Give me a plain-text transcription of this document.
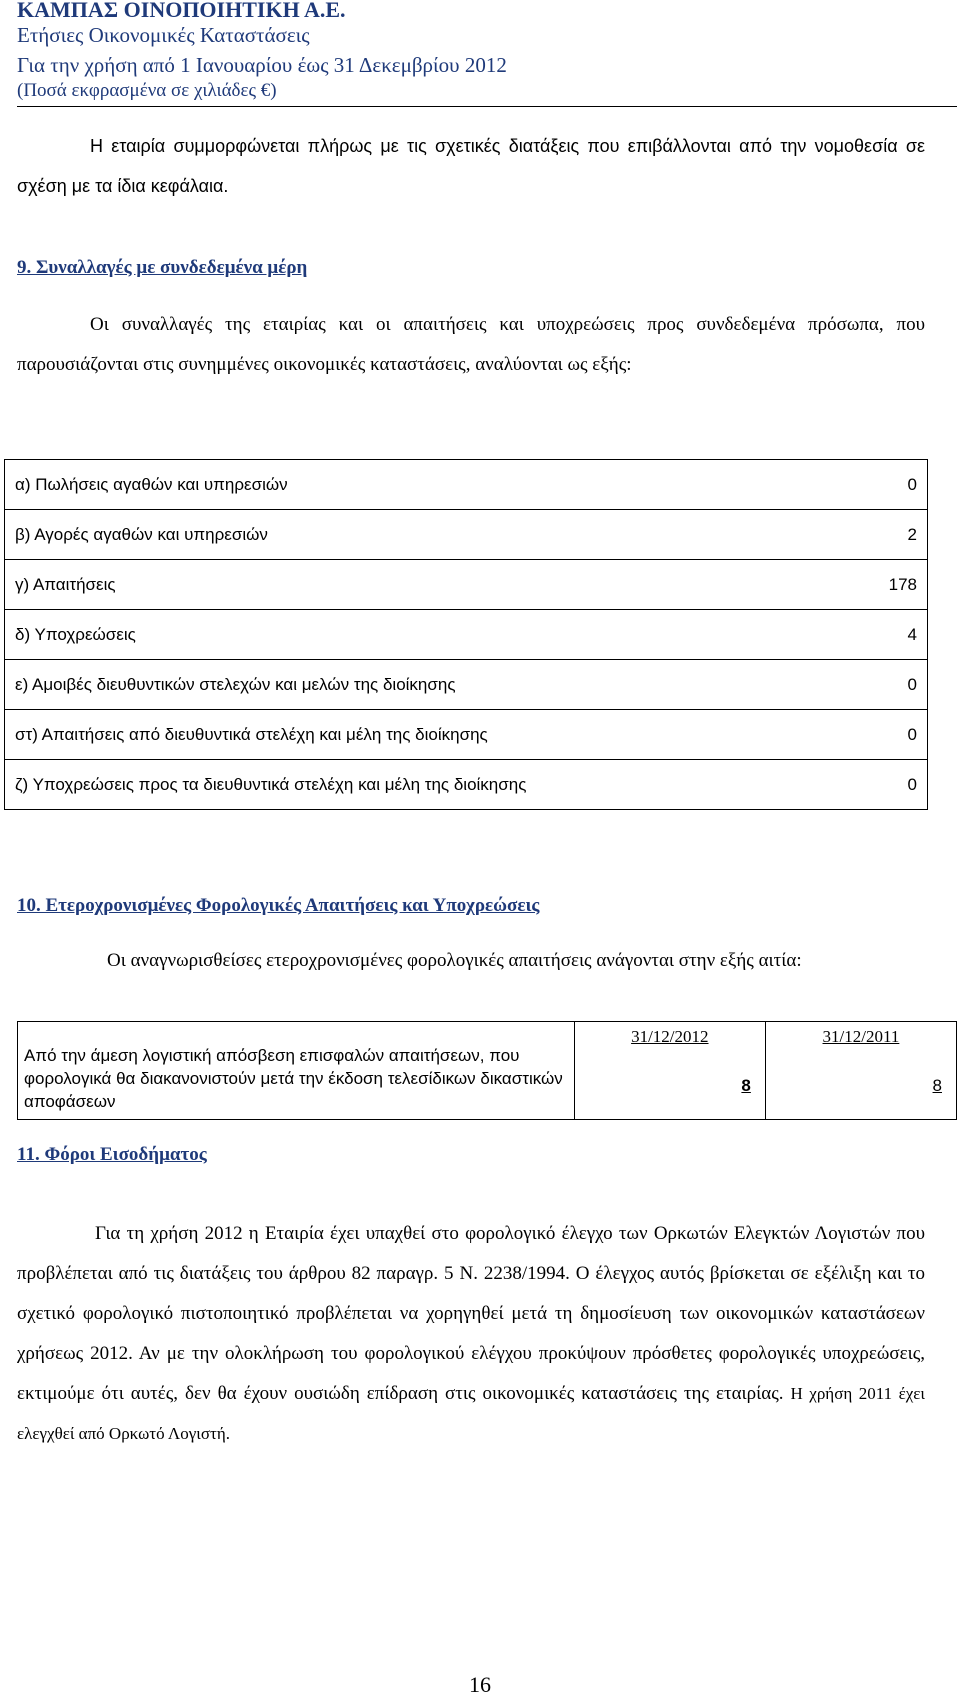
ΚΑΜΠΑΣ ΟΙΝΟΠΟΙΗΤΙΚΗ Α.Ε.
Ετήσιες Οικονομικές Καταστάσεις
Για την χρήση από 1 Ιανουαρίου έως 31 Δεκεμβρίου 2012
(Ποσά εκφρασμένα σε χιλιάδες €)
Η εταιρία συμμορφώνεται πλήρως με τις σχετικές διατάξεις που επιβάλλονται από την νομοθεσία σε σχέση με τα ίδια κεφάλαια.
9. Συναλλαγές με συνδεδεμένα μέρη
Οι συναλλαγές της εταιρίας και οι απαιτήσεις και υποχρεώσεις προς συνδεδεμένα πρόσωπα, που παρουσιάζονται στις συνημμένες οικονομικές καταστάσεις, αναλύονται ως εξής:
α) Πωλήσεις αγαθών και υπηρεσιών	0
β) Αγορές αγαθών και υπηρεσιών	2
γ) Απαιτήσεις	178
δ) Υποχρεώσεις	4
ε) Αμοιβές διευθυντικών στελεχών και μελών της διοίκησης	0
στ) Απαιτήσεις από διευθυντικά στελέχη και μέλη της διοίκησης	0
ζ) Υποχρεώσεις προς τα διευθυντικά στελέχη και μέλη της διοίκησης	0
10. Ετεροχρονισμένες Φορολογικές Απαιτήσεις και Υποχρεώσεις
Οι αναγνωρισθείσες ετεροχρονισμένες φορολογικές απαιτήσεις ανάγονται στην εξής αιτία:
Από την άμεση λογιστική απόσβεση επισφαλών απαιτήσεων, που φορολογικά θα διακανονιστούν μετά την έκδοση τελεσίδικων δικαστικών αποφάσεων	31/12/2012	31/12/2011
	8	8
11. Φόροι Εισοδήματος
Για τη χρήση 2012 η Εταιρία έχει υπαχθεί στο φορολογικό έλεγχο των Ορκωτών Ελεγκτών Λογιστών που προβλέπεται από τις διατάξεις του άρθρου 82 παραγρ. 5 Ν. 2238/1994. Ο έλεγχος αυτός βρίσκεται σε εξέλιξη και το σχετικό φορολογικό πιστοποιητικό προβλέπεται να χορηγηθεί μετά τη δημοσίευση των οικονομικών καταστάσεων χρήσεως 2012. Αν με την ολοκλήρωση του φορολογικού ελέγχου προκύψουν πρόσθετες φορολογικές υποχρεώσεις, εκτιμούμε ότι αυτές, δεν θα έχουν ουσιώδη επίδραση στις οικονομικές καταστάσεις της εταιρίας. Η χρήση 2011 έχει ελεγχθεί από Ορκωτό Λογιστή.
16
